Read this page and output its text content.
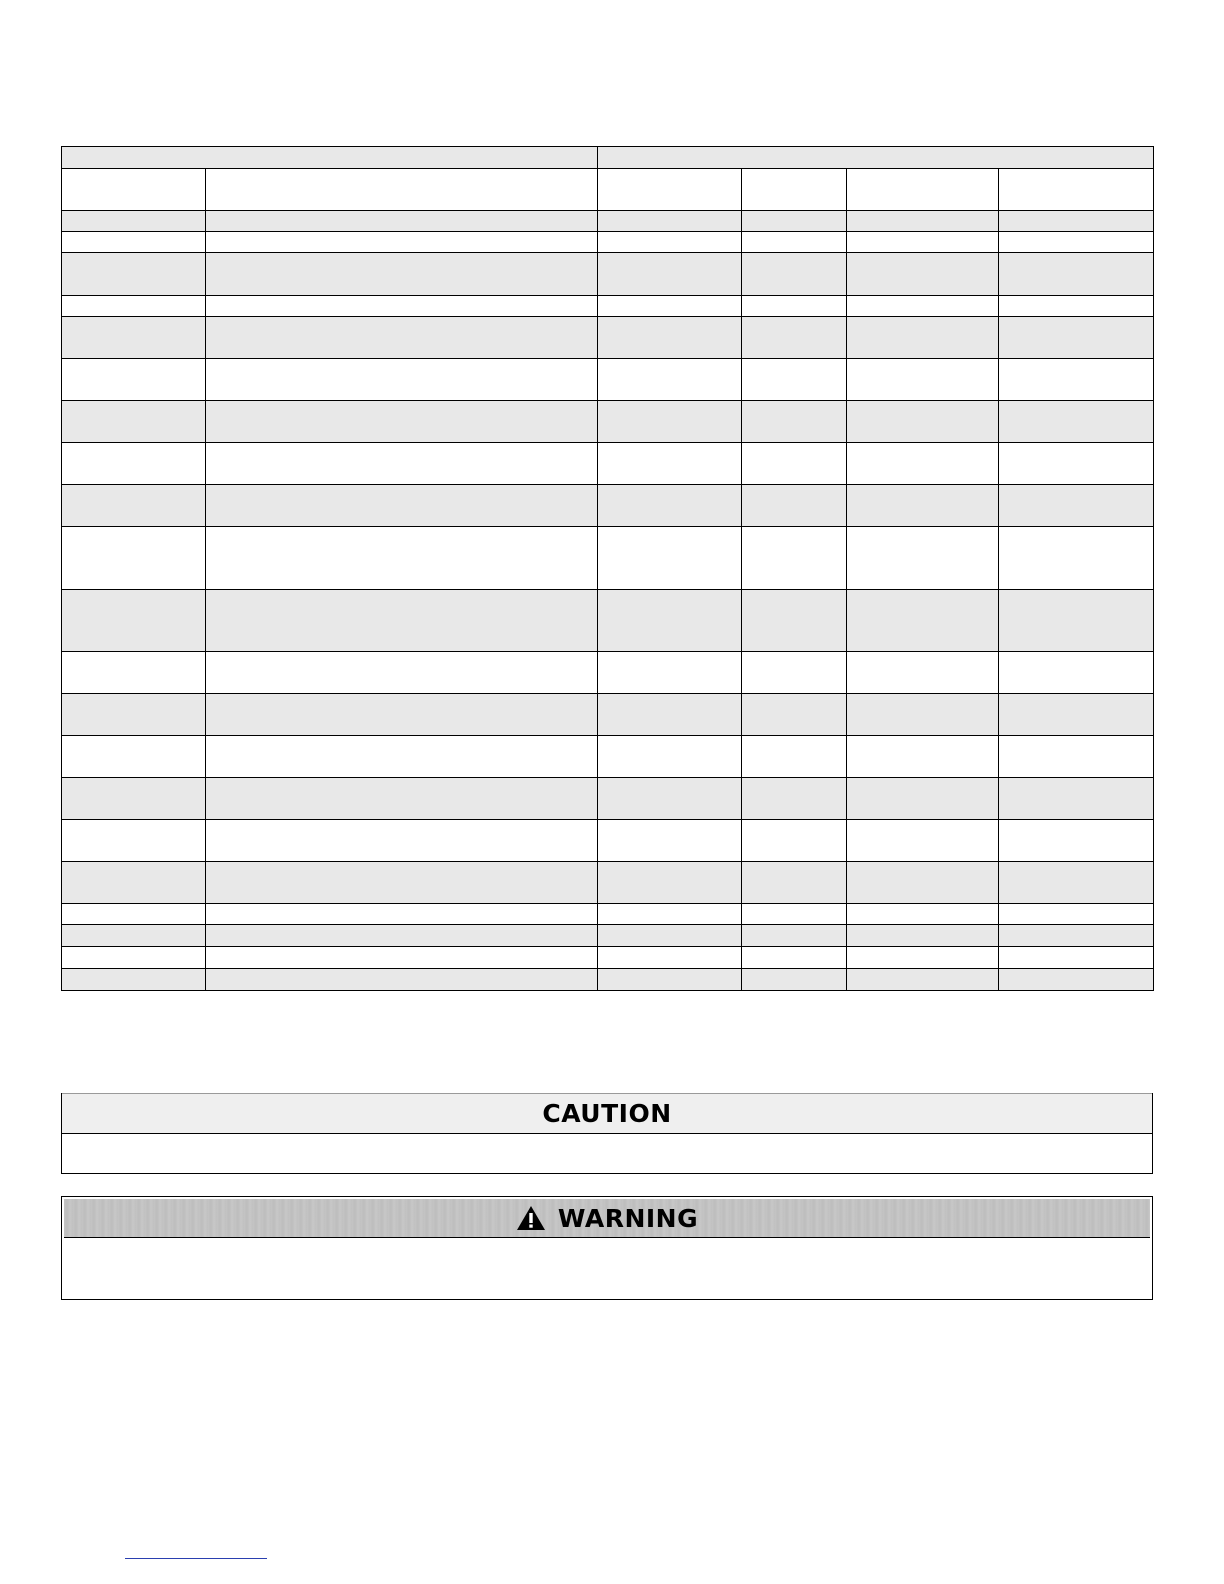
CAUTION
WARNING
